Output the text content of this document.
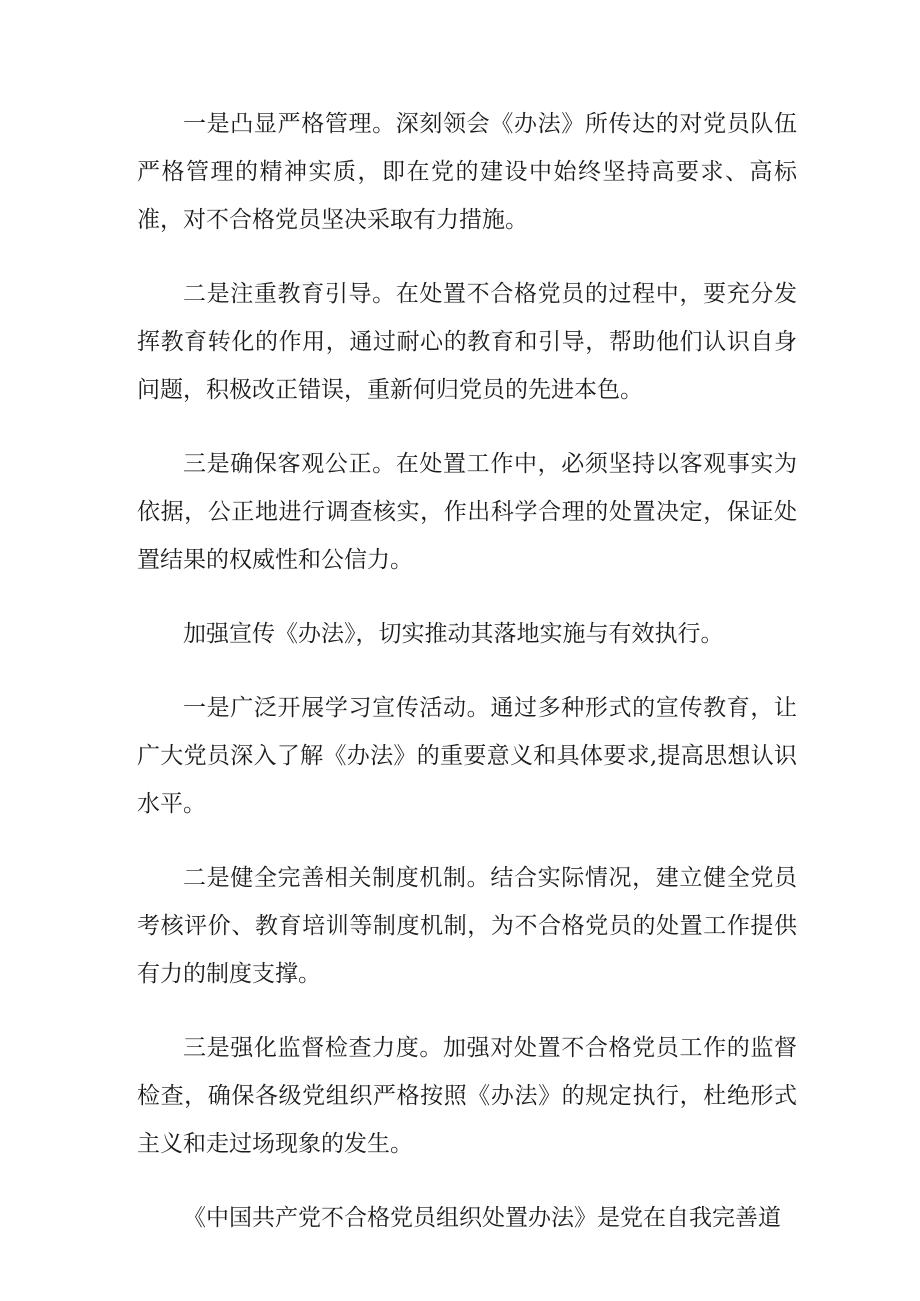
一是凸显严格管理。深刻领会《办法》所传达的对党员队伍严格管理的精神实质，即在党的建设中始终坚持高要求、高标准，对不合格党员坚决采取有力措施。

二是注重教育引导。在处置不合格党员的过程中，要充分发挥教育转化的作用，通过耐心的教育和引导，帮助他们认识自身问题，积极改正错误，重新何归党员的先进本色。

三是确保客观公正。在处置工作中，必须坚持以客观事实为依据，公正地进行调查核实，作出科学合理的处置决定，保证处置结果的权威性和公信力。

加强宣传《办法》，切实推动其落地实施与有效执行。

一是广泛开展学习宣传活动。通过多种形式的宣传教育，让广大党员深入了解《办法》的重要意义和具体要求,提高思想认识水平。

二是健全完善相关制度机制。结合实际情况，建立健全党员考核评价、教育培训等制度机制，为不合格党员的处置工作提供有力的制度支撑。

三是强化监督检查力度。加强对处置不合格党员工作的监督检查，确保各级党组织严格按照《办法》的规定执行，杜绝形式主义和走过场现象的发生。

《中国共产党不合格党员组织处置办法》是党在自我完善道
